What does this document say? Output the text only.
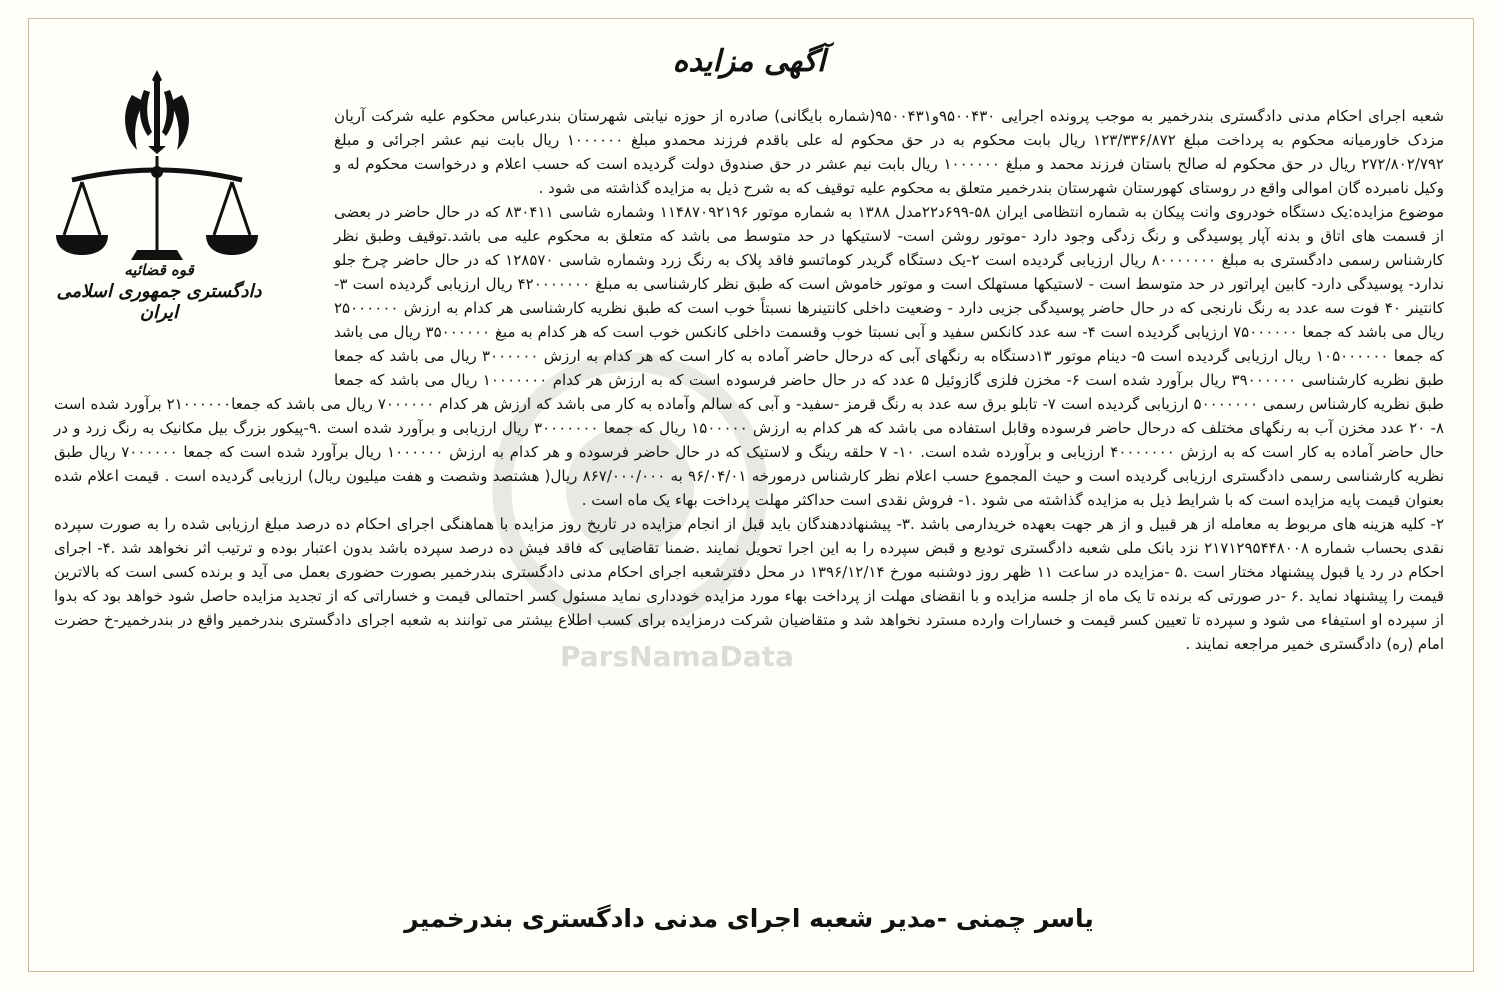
آگهی مزایده
قوه قضائیه
دادگستری جمهوری اسلامی ایران
ParsNamaData

شعبه اجرای احکام مدنی دادگستری بندرخمیر به موجب پرونده اجرایی ۹۵۰۰۴۳۰و۹۵۰۰۴۳۱(شماره بایگانی) صادره از حوزه نیابتی شهرستان بندرعباس محکوم علیه شرکت آریان مزدک خاورمیانه محکوم به پرداخت مبلغ ۱۲۳/۳۳۶/۸۷۲ ریال بابت محکوم به در حق محکوم له علی باقدم فرزند محمدو مبلغ ۱۰۰۰۰۰۰ ریال بابت نیم عشر اجرائی و مبلغ ۲۷۲/۸۰۲/۷۹۲ ریال در حق محکوم له صالح باستان فرزند محمد و مبلغ ۱۰۰۰۰۰۰ ریال بابت نیم عشر در حق صندوق دولت گردیده است که حسب اعلام و درخواست محکوم له و وکیل نامبرده گان اموالی واقع در روستای کهورستان شهرستان بندرخمیر متعلق به محکوم علیه توقیف که به شرح ذیل به مزایده گذاشته می شود .

موضوع مزایده:یک دستگاه خودروی وانت پیکان به شماره انتظامی ایران ۵۸-۶۹۹د۲۲مدل ۱۳۸۸ به شماره موتور ۱۱۴۸۷۰۹۲۱۹۶ وشماره شاسی ۸۳۰۴۱۱ که در حال حاضر در بعضی از قسمت های اتاق و بدنه آپار پوسیدگی و رنگ زدگی وجود دارد -موتور روشن است- لاستیکها در حد متوسط می باشد که متعلق به محکوم علیه می باشد.توقیف وطبق نظر کارشناس رسمی دادگستری به مبلغ ۸۰۰۰۰۰۰۰ ریال ارزیابی گردیده است ۲-یک دستگاه گریدر کوماتسو فاقد پلاک به رنگ زرد وشماره شاسی ۱۲۸۵۷۰ که در حال حاضر چرخ جلو ندارد- پوسیدگی دارد- کابین اپراتور در حد متوسط است - لاستیکها مستهلک است و موتور خاموش است که طبق نظر کارشناسی به مبلغ ۴۲۰۰۰۰۰۰۰ ریال ارزیابی گردیده است ۳-کانتینر ۴۰ فوت سه عدد به رنگ نارنجی که در حال حاضر پوسیدگی جزیی دارد - وضعیت داخلی کانتینرها نسبتاً خوب است که طبق نظریه کارشناسی هر کدام به ارزش ۲۵۰۰۰۰۰۰ ریال می باشد که جمعا ۷۵۰۰۰۰۰۰ ارزیابی گردیده است ۴- سه عدد کانکس سفید و آبی نسبتا خوب وقسمت داخلی کانکس خوب است که هر کدام به مبغ ۳۵۰۰۰۰۰۰ ریال می باشد که جمعا ۱۰۵۰۰۰۰۰۰ ریال ارزیابی گردیده است ۵- دینام موتور ۱۳دستگاه به رنگهای آبی که درحال حاضر آماده به کار است که هر کدام به ارزش ۳۰۰۰۰۰۰ ریال می باشد که جمعا طبق نظریه کارشناسی ۳۹۰۰۰۰۰۰ ریال برآورد شده است ۶- مخزن فلزی گازوئیل ۵ عدد که در حال حاضر فرسوده است که به ارزش هر کدام ۱۰۰۰۰۰۰۰ ریال می باشد که جمعا طبق نظریه کارشناس رسمی ۵۰۰۰۰۰۰۰ ارزیابی گردیده است ۷- تابلو برق سه عدد به رنگ قرمز -سفید- و آبی که سالم وآماده به کار می باشد که ارزش هر کدام ۷۰۰۰۰۰۰ ریال می باشد که جمعا۲۱۰۰۰۰۰۰ برآورد شده است ۸- ۲۰ عدد مخزن آب به رنگهای مختلف که درحال حاضر فرسوده وقابل استفاده می باشد که هر کدام به ارزش ۱۵۰۰۰۰۰ ریال که جمعا ۳۰۰۰۰۰۰۰ ریال ارزیابی و برآورد شده است .۹-پیکور بزرگ بیل مکانیک به رنگ زرد و در حال حاضر آماده به کار است که به ارزش ۴۰۰۰۰۰۰۰ ارزیابی و برآورده شده است. ۱۰- ۷ حلقه رینگ و لاستیک که در حال حاضر فرسوده و هر کدام به ارزش ۱۰۰۰۰۰۰ ریال برآورد شده است که جمعا ۷۰۰۰۰۰۰ ریال طبق نظریه کارشناسی رسمی دادگستری ارزیابی گردیده است و حیث المجموع حسب اعلام نظر کارشناس درمورخه ۹۶/۰۴/۰۱ به ۸۶۷/۰۰۰/۰۰۰ ریال( هشتصد وشصت و هفت میلیون ریال) ارزیابی گردیده است . قیمت اعلام شده بعنوان قیمت پایه مزایده است که با شرایط ذیل به مزایده گذاشته می شود .۱- فروش نقدی است حداکثر مهلت پرداخت بهاء یک ماه است .

۲- کلیه هزینه های مربوط به معامله از هر قبیل و از هر جهت بعهده خریدارمی باشد .۳- پیشنهاددهندگان باید قبل از انجام مزایده در تاریخ روز مزایده با هماهنگی اجرای احکام ده درصد مبلغ ارزیابی شده را به صورت سپرده نقدی بحساب شماره ۲۱۷۱۲۹۵۴۴۸۰۰۸ نزد بانک ملی شعبه دادگستری تودیع و قبض سپرده را به این اجرا تحویل نمایند .ضمنا تقاضایی که فاقد فیش ده درصد سپرده باشد بدون اعتبار بوده و ترتیب اثر نخواهد شد .۴- اجرای احکام در رد یا قبول پیشنهاد مختار است .۵ -مزایده در ساعت ۱۱ ظهر روز دوشنبه مورخ ۱۳۹۶/۱۲/۱۴ در محل دفترشعبه اجرای احکام مدنی دادگستری بندرخمیر بصورت حضوری بعمل می آید و برنده کسی است که بالاترین قیمت را پیشنهاد نماید .۶ -در صورتی که برنده تا یک ماه از جلسه مزایده و با انقضای مهلت از پرداخت بهاء مورد مزایده خودداری نماید مسئول کسر احتمالی قیمت و خساراتی که از تجدید مزایده حاصل شود خواهد بود که بدوا از سپرده او استیفاء می شود و سپرده تا تعیین کسر قیمت و خسارات وارده مسترد نخواهد شد و متقاضیان شرکت درمزایده برای کسب اطلاع بیشتر می توانند به شعبه اجرای دادگستری بندرخمیر واقع در بندرخمیر-خ حضرت امام (ره) دادگستری خمیر مراجعه نمایند .

یاسر چمنی -مدیر شعبه اجرای مدنی دادگستری بندرخمیر
